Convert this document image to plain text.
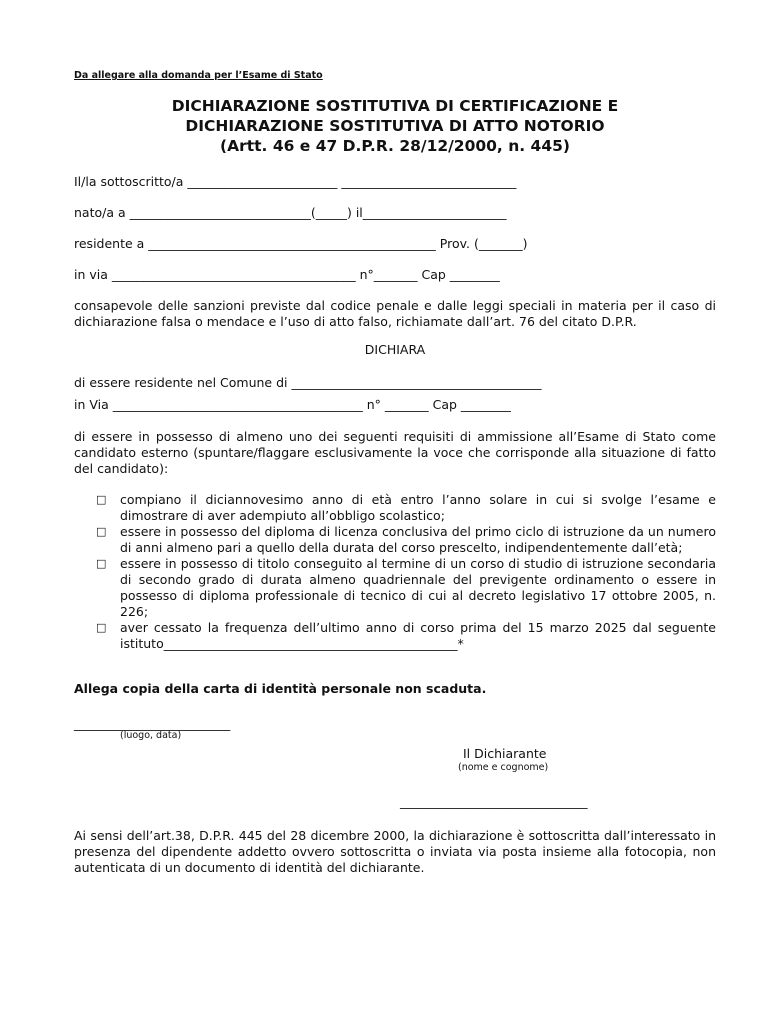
Da allegare alla domanda per l’Esame di Stato

DICHIARAZIONE SOSTITUTIVA DI CERTIFICAZIONE E
DICHIARAZIONE SOSTITUTIVA DI ATTO NOTORIO
(Artt. 46 e 47 D.P.R. 28/12/2000, n. 445)

Il/la sottoscritto/a ________________________ ____________________________

nato/a a _____________________________(_____) il_______________________

residente a ______________________________________________ Prov. (_______)

in via _______________________________________ n°_______ Cap ________

consapevole delle sanzioni previste dal codice penale e dalle leggi speciali in materia per il caso di dichiarazione falsa o mendace e l’uso di atto falso, richiamate dall’art. 76 del citato D.P.R.

DICHIARA

di essere residente nel Comune di ________________________________________

in Via ________________________________________ n° _______ Cap ________

di essere in possesso di almeno uno dei seguenti requisiti di ammissione all’Esame di Stato come candidato esterno (spuntare/flaggare esclusivamente la voce che corrisponde alla situazione di fatto del candidato):

□ compiano il diciannovesimo anno di età entro l’anno solare in cui si svolge l’esame e dimostrare di aver adempiuto all’obbligo scolastico;
□ essere in possesso del diploma di licenza conclusiva del primo ciclo di istruzione da un numero di anni almeno pari a quello della durata del corso prescelto, indipendentemente dall’età;
□ essere in possesso di titolo conseguito al termine di un corso di studio di istruzione secondaria di secondo grado di durata almeno quadriennale del previgente ordinamento o essere in possesso di diploma professionale di tecnico di cui al decreto legislativo 17 ottobre 2005, n. 226;
□ aver cessato la frequenza dell’ultimo anno di corso prima del 15 marzo 2025 dal seguente istituto_______________________________________________*

Allega copia della carta di identità personale non scaduta.

_________________________
(luogo, data)
Il Dichiarante
(nome e cognome)
______________________________

Ai sensi dell’art.38, D.P.R. 445 del 28 dicembre 2000, la dichiarazione è sottoscritta dall’interessato in presenza del dipendente addetto ovvero sottoscritta o inviata via posta insieme alla fotocopia, non autenticata di un documento di identità del dichiarante.
